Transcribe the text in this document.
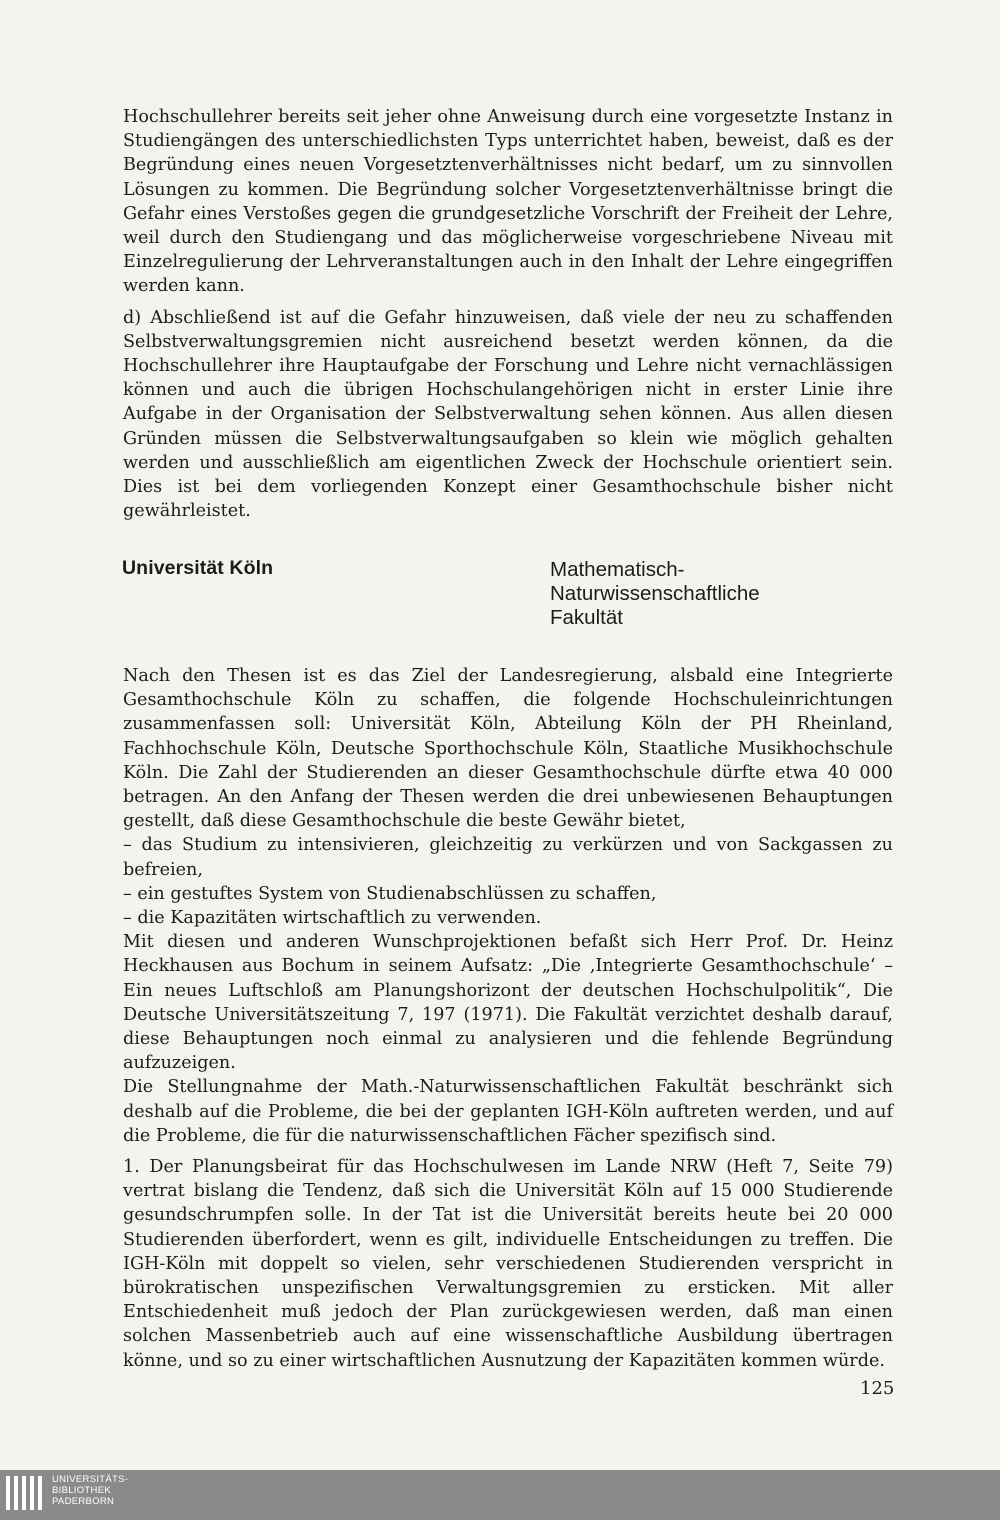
Hochschullehrer bereits seit jeher ohne Anweisung durch eine vorgesetzte Instanz in Studiengängen des unterschiedlichsten Typs unterrichtet haben, beweist, daß es der Begründung eines neuen Vorgesetztenverhältnisses nicht bedarf, um zu sinnvollen Lösungen zu kommen. Die Begründung solcher Vorgesetztenverhältnisse bringt die Gefahr eines Verstoßes gegen die grundgesetzliche Vorschrift der Freiheit der Lehre, weil durch den Studiengang und das möglicherweise vorgeschriebene Niveau mit Einzelregulierung der Lehrveranstaltungen auch in den Inhalt der Lehre eingegriffen werden kann.

d) Abschließend ist auf die Gefahr hinzuweisen, daß viele der neu zu schaffenden Selbstverwaltungsgremien nicht ausreichend besetzt werden können, da die Hochschullehrer ihre Hauptaufgabe der Forschung und Lehre nicht vernachlässigen können und auch die übrigen Hochschulangehörigen nicht in erster Linie ihre Aufgabe in der Organisation der Selbstverwaltung sehen können. Aus allen diesen Gründen müssen die Selbstverwaltungsaufgaben so klein wie möglich gehalten werden und ausschließlich am eigentlichen Zweck der Hochschule orientiert sein. Dies ist bei dem vorliegenden Konzept einer Gesamthochschule bisher nicht gewährleistet.

Universität Köln	Mathematisch-
Naturwissenschaftliche
Fakultät

Nach den Thesen ist es das Ziel der Landesregierung, alsbald eine Integrierte Gesamthochschule Köln zu schaffen, die folgende Hochschuleinrichtungen zusammenfassen soll: Universität Köln, Abteilung Köln der PH Rheinland, Fachhochschule Köln, Deutsche Sporthochschule Köln, Staatliche Musikhochschule Köln. Die Zahl der Studierenden an dieser Gesamthochschule dürfte etwa 40 000 betragen. An den Anfang der Thesen werden die drei unbewiesenen Behauptungen gestellt, daß diese Gesamthochschule die beste Gewähr bietet,

– das Studium zu intensivieren, gleichzeitig zu verkürzen und von Sackgassen zu befreien,

– ein gestuftes System von Studienabschlüssen zu schaffen,

– die Kapazitäten wirtschaftlich zu verwenden.

Mit diesen und anderen Wunschprojektionen befaßt sich Herr Prof. Dr. Heinz Heckhausen aus Bochum in seinem Aufsatz: „Die ‚Integrierte Gesamthochschule‘ – Ein neues Luftschloß am Planungshorizont der deutschen Hochschulpolitik“, Die Deutsche Universitätszeitung 7, 197 (1971). Die Fakultät verzichtet deshalb darauf, diese Behauptungen noch einmal zu analysieren und die fehlende Begründung aufzuzeigen.

Die Stellungnahme der Math.-Naturwissenschaftlichen Fakultät beschränkt sich deshalb auf die Probleme, die bei der geplanten IGH-Köln auftreten werden, und auf die Probleme, die für die naturwissenschaftlichen Fächer spezifisch sind.

1. Der Planungsbeirat für das Hochschulwesen im Lande NRW (Heft 7, Seite 79) vertrat bislang die Tendenz, daß sich die Universität Köln auf 15 000 Studierende gesundschrumpfen solle. In der Tat ist die Universität bereits heute bei 20 000 Studierenden überfordert, wenn es gilt, individuelle Entscheidungen zu treffen. Die IGH-Köln mit doppelt so vielen, sehr verschiedenen Studierenden verspricht in bürokratischen unspezifischen Verwaltungsgremien zu ersticken. Mit aller Entschiedenheit muß jedoch der Plan zurückgewiesen werden, daß man einen solchen Massenbetrieb auch auf eine wissenschaftliche Ausbildung übertragen könne, und so zu einer wirtschaftlichen Ausnutzung der Kapazitäten kommen würde.

125
UNIVERSITÄTS-
BIBLIOTHEK
PADERBORN
